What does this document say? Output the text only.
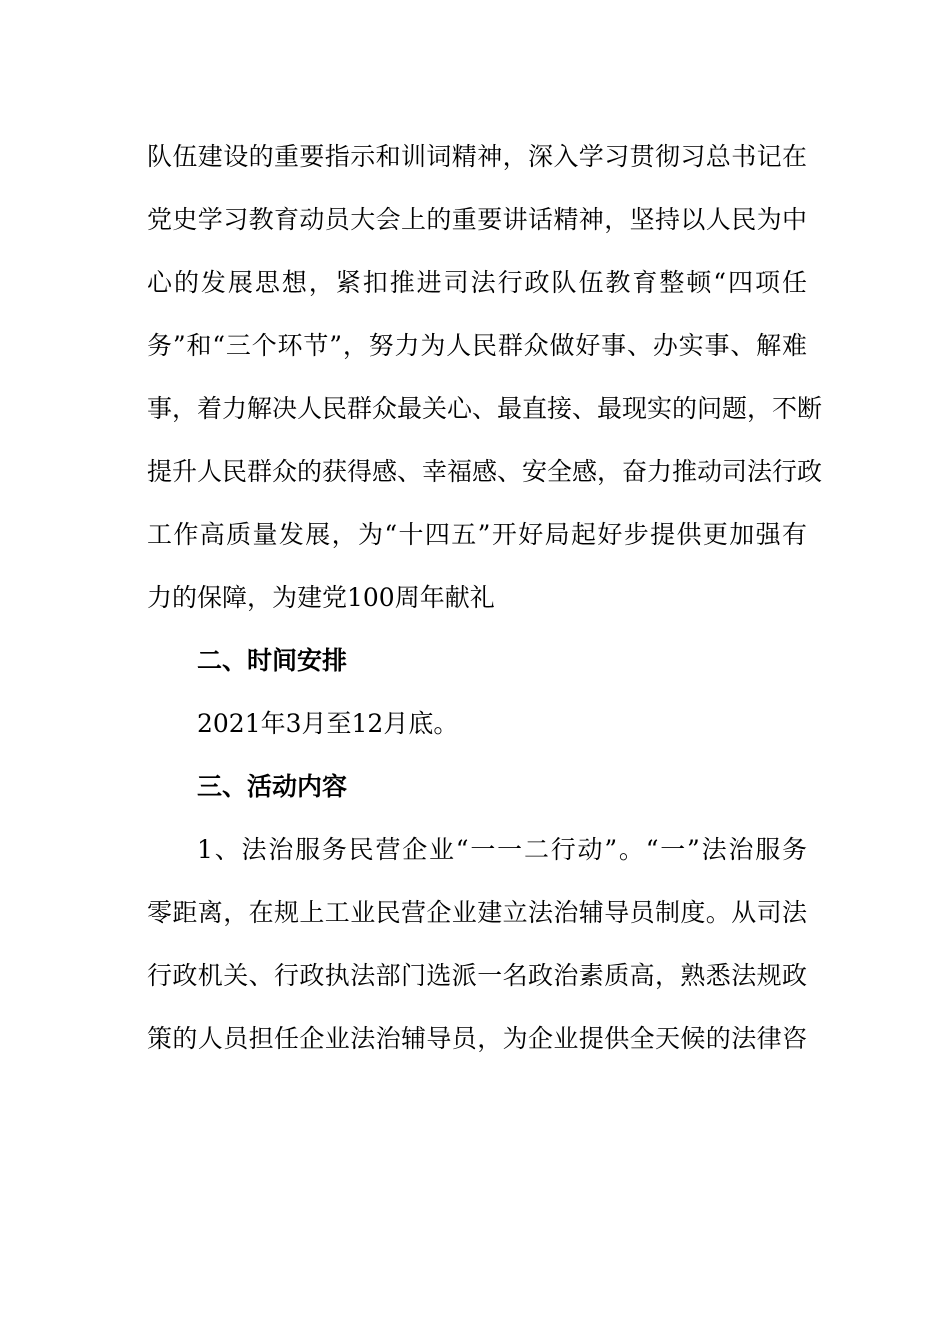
队伍建设的重要指示和训词精神，深入学习贯彻习总书记在
党史学习教育动员大会上的重要讲话精神，坚持以人民为中
心的发展思想，紧扣推进司法行政队伍教育整顿“四项任
务”和“三个环节”，努力为人民群众做好事、办实事、解难
事，着力解决人民群众最关心、最直接、最现实的问题，不断
提升人民群众的获得感、幸福感、安全感，奋力推动司法行政
工作高质量发展，为“十四五”开好局起好步提供更加强有
力的保障，为建党100周年献礼
二、时间安排
2021年3月至12月底。
三、活动内容
1、法治服务民营企业“一一二行动”。“一”法治服务
零距离，在规上工业民营企业建立法治辅导员制度。从司法
行政机关、行政执法部门选派一名政治素质高，熟悉法规政
策的人员担任企业法治辅导员，为企业提供全天候的法律咨
